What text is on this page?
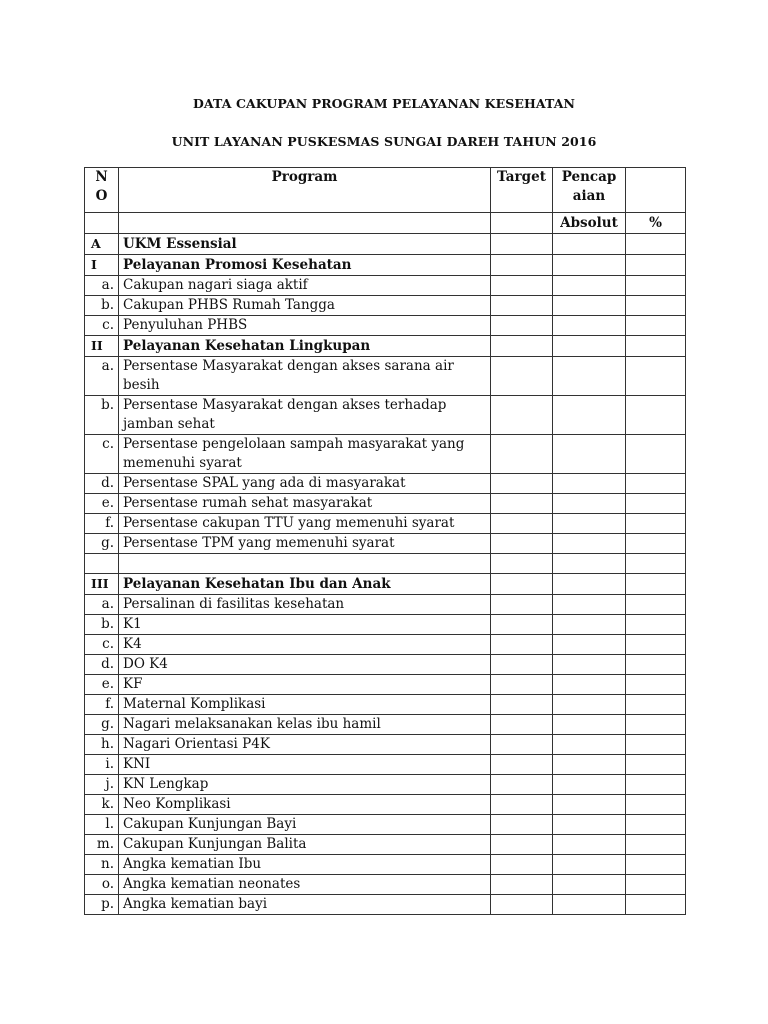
DATA CAKUPAN PROGRAM PELAYANAN KESEHATAN
UNIT LAYANAN PUSKESMAS SUNGAI DAREH TAHUN 2016
N
O	Program	Target	Pencap
aian	
			Absolut	%
A	UKM Essensial			
I	Pelayanan Promosi Kesehatan			
a.	Cakupan nagari siaga aktif			
b.	Cakupan PHBS Rumah Tangga			
c.	Penyuluhan PHBS			
II	Pelayanan Kesehatan Lingkupan			
a.	Persentase Masyarakat dengan akses sarana air besih			
b.	Persentase Masyarakat dengan akses terhadap jamban sehat			
c.	Persentase pengelolaan sampah masyarakat yang memenuhi syarat			
d.	Persentase SPAL yang ada di masyarakat			
e.	Persentase rumah sehat masyarakat			
f.	Persentase cakupan TTU yang memenuhi syarat			
g.	Persentase TPM yang memenuhi syarat			

III	Pelayanan Kesehatan Ibu dan Anak			
a.	Persalinan di fasilitas kesehatan			
b.	K1			
c.	K4			
d.	DO K4			
e.	KF			
f.	Maternal Komplikasi			
g.	Nagari melaksanakan kelas ibu hamil			
h.	Nagari Orientasi P4K			
i.	KNI			
j.	KN Lengkap			
k.	Neo Komplikasi			
l.	Cakupan Kunjungan Bayi			
m.	Cakupan Kunjungan Balita			
n.	Angka kematian Ibu			
o.	Angka kematian neonates			
p.	Angka kematian bayi			
